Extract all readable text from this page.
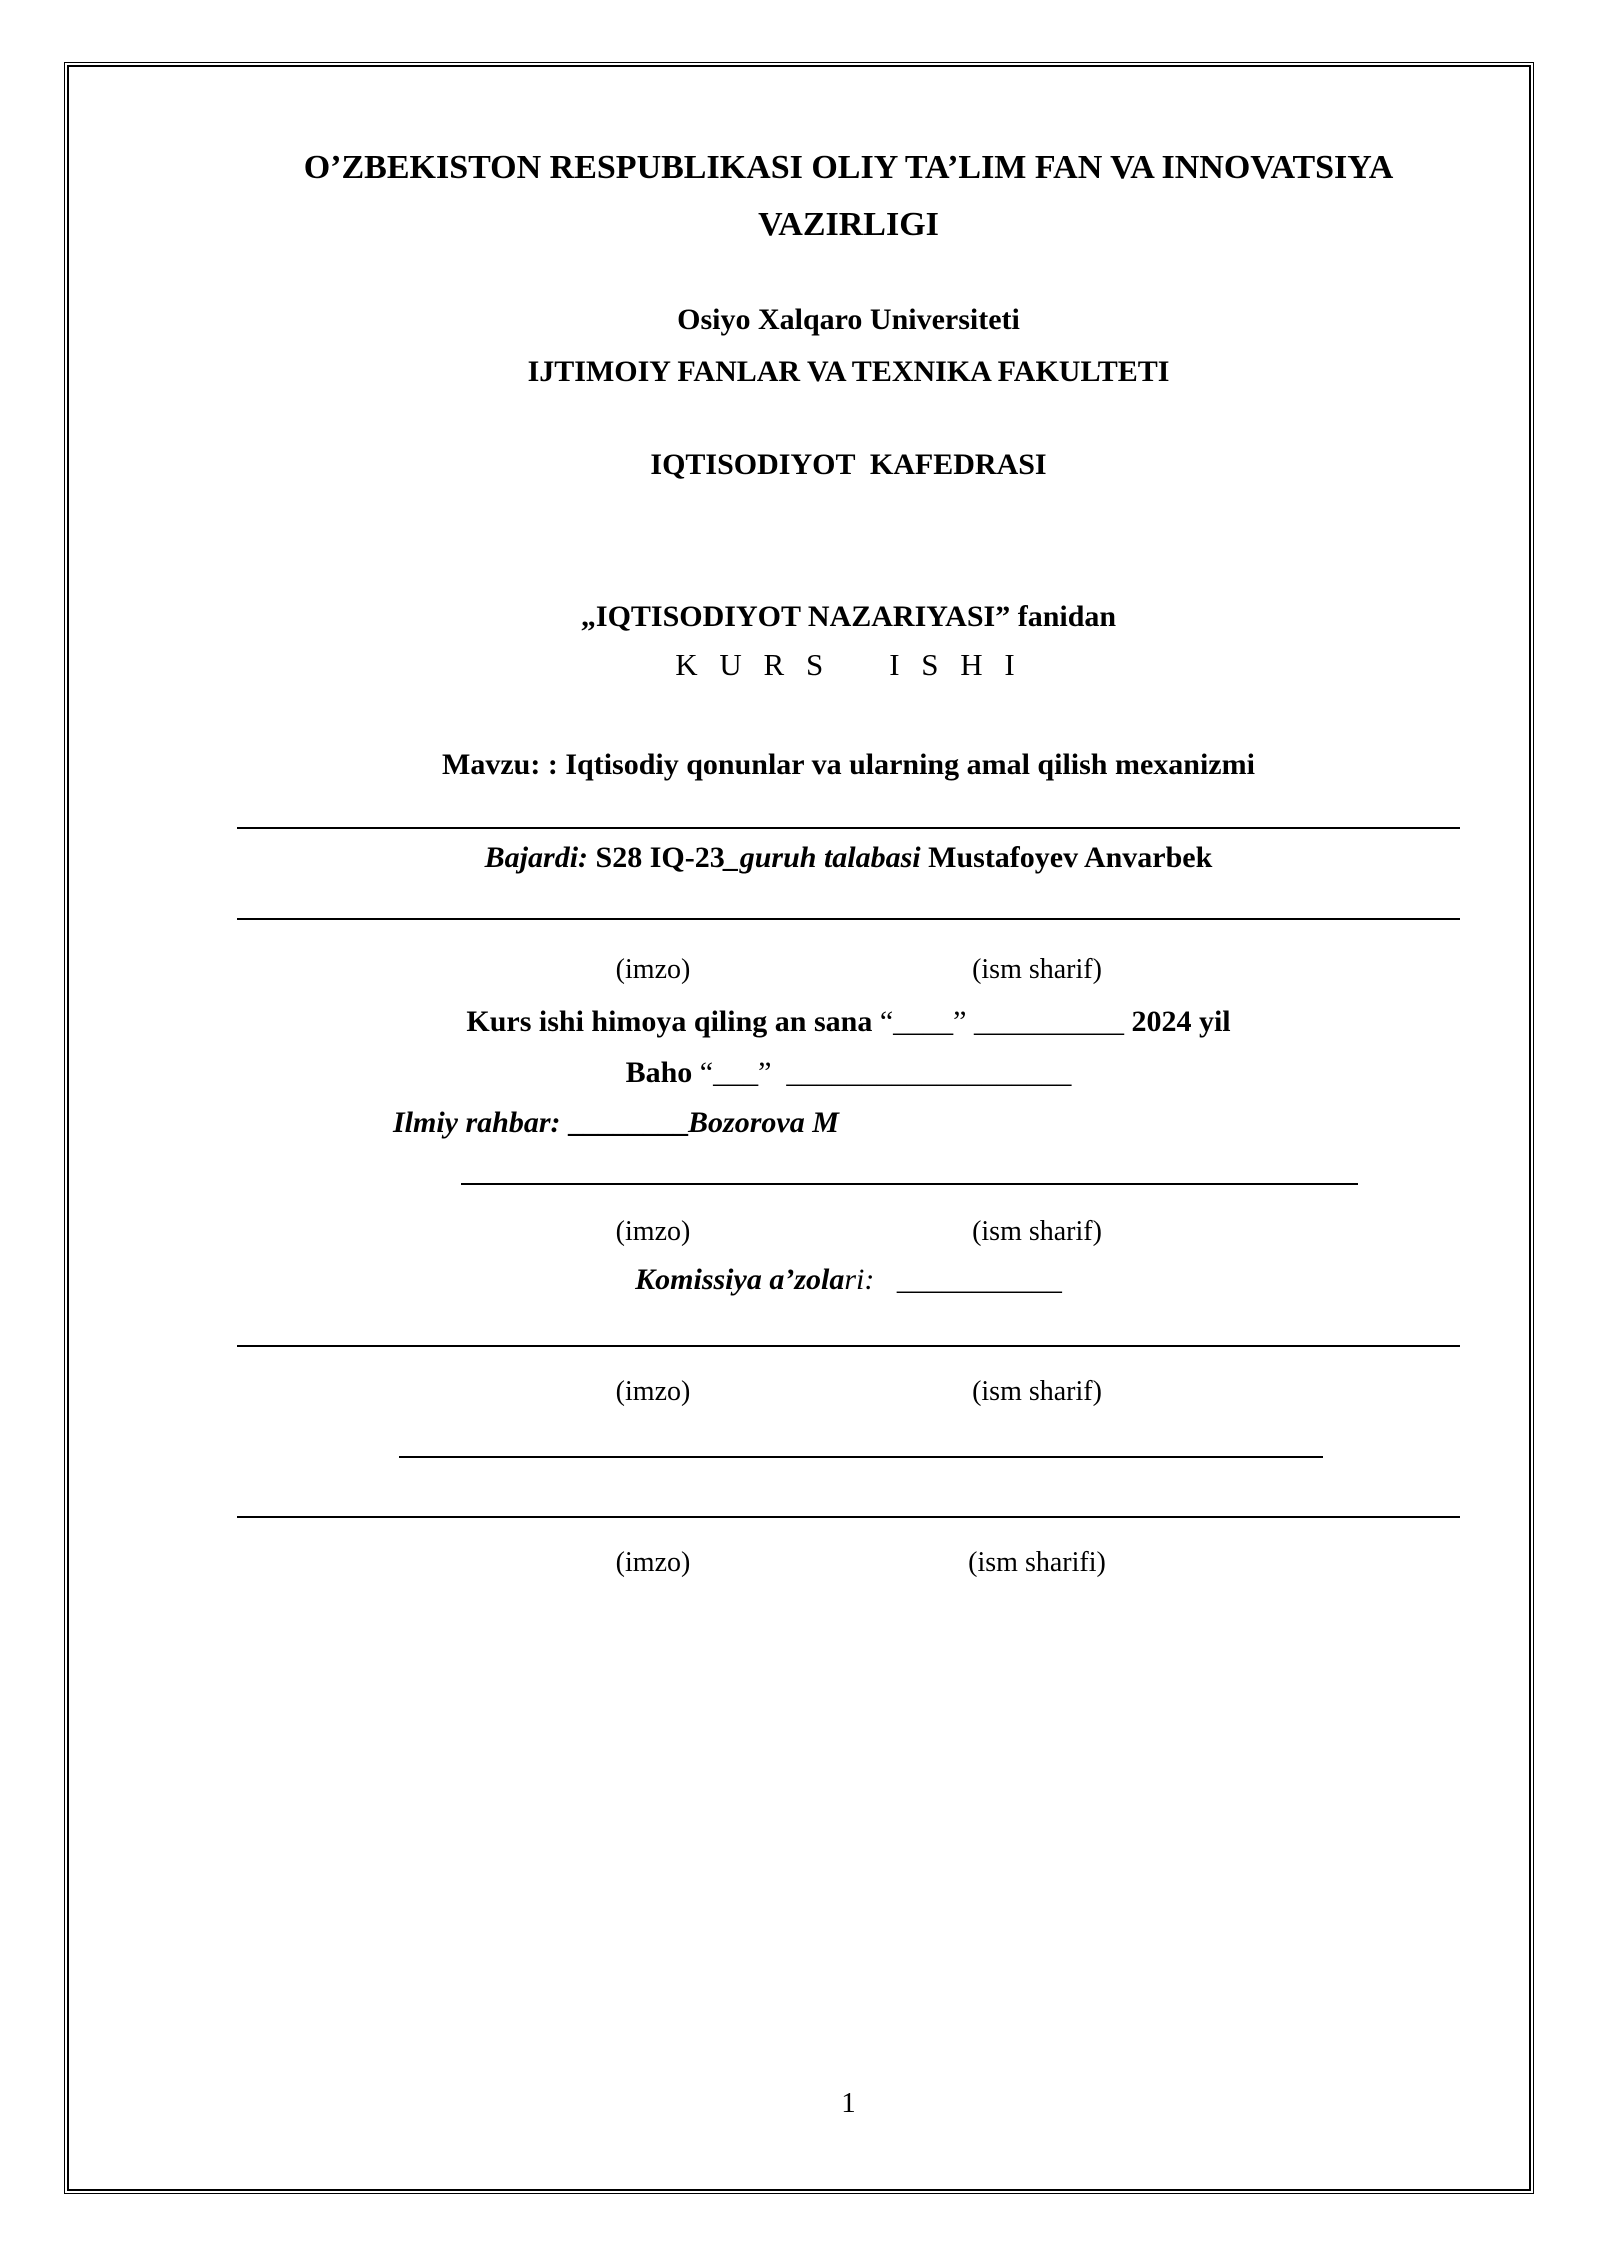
O’ZBEKISTON RESPUBLIKASI OLIY TA’LIM FAN VA INNOVATSIYA
VAZIRLIGI
Osiyo Xalqaro Universiteti
IJTIMOIY FANLAR VA TEXNIKA FAKULTETI
IQTISODIYOT  KAFEDRASI
„IQTISODIYOT NAZARIYASI” fanidan
K U R S    I S H I
Mavzu: : Iqtisodiy qonunlar va ularning amal qilish mexanizmi
Bajardi: S28 IQ-23_guruh talabasi Mustafoyev Anvarbek
(imzo)	(ism sharif)
Kurs ishi himoya qiling an sana “____” __________ 2024 yil
Baho “___”  ___________________
Ilmiy rahbar: ________Bozorova M
(imzo)	(ism sharif)
Komissiya a’zolari:   ___________
(imzo)	(ism sharif)
(imzo)	(ism sharifi)
1
